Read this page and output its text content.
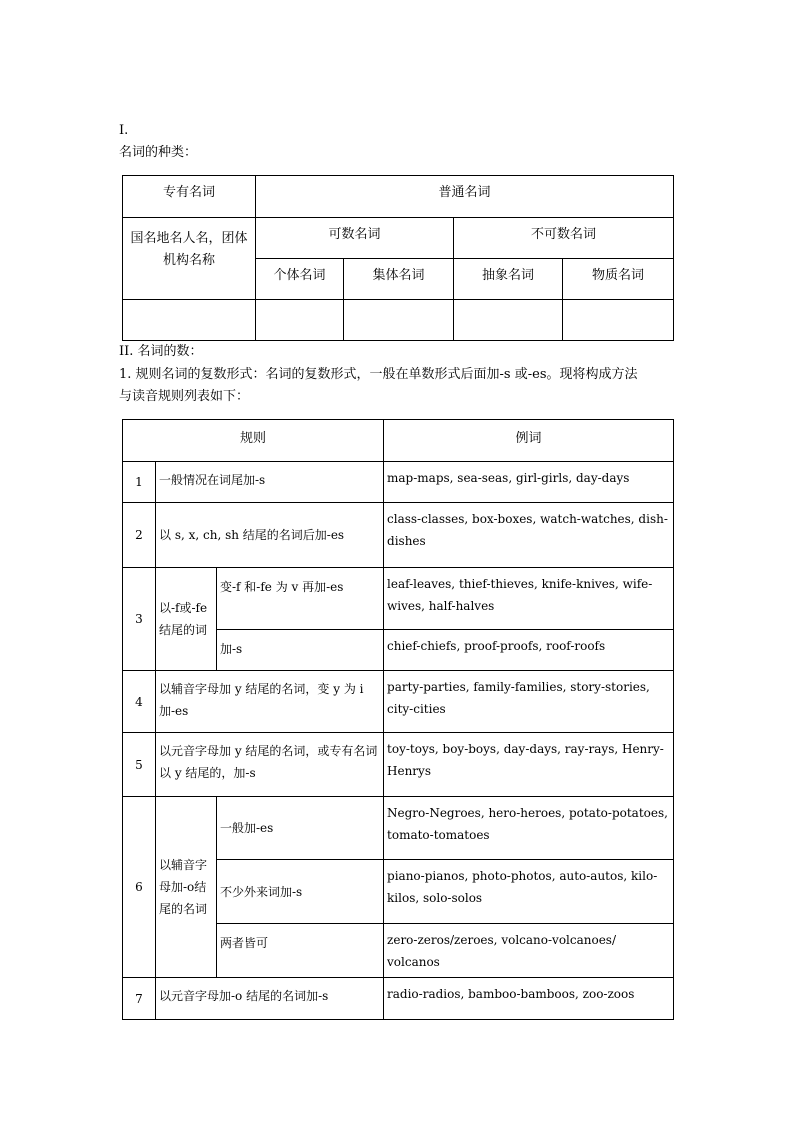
I.
名词的种类：
专有名词	普通名词			
国名地名人名，团体机构名称	可数名词		不可数名词	
	个体名词	集体名词	抽象名词	物质名词

II. 名词的数：
1. 规则名词的复数形式：名词的复数形式，一般在单数形式后面加-s 或-es。现将构成方法
与读音规则列表如下：
规则			例词
1	一般情况在词尾加-s		map-maps, sea-seas, girl-girls, day-days
2	以 s, x, ch, sh 结尾的名词后加-es		class-classes, box-boxes, watch-watches, dish-dishes
3	以-f或-fe结尾的词	变-f 和-fe 为 v 再加-es	leaf-leaves, thief-thieves, knife-knives, wife-wives, half-halves
		加-s	chief-chiefs, proof-proofs, roof-roofs
4	以辅音字母加 y 结尾的名词，变 y 为 i 加-es		party-parties, family-families, story-stories, city-cities
5	以元音字母加 y 结尾的名词，或专有名词以 y 结尾的，加-s		toy-toys, boy-boys, day-days, ray-rays, Henry-Henrys
6	以辅音字母加-o结尾的名词	一般加-es	Negro-Negroes, hero-heroes, potato-potatoes, tomato-tomatoes
		不少外来词加-s	piano-pianos, photo-photos, auto-autos, kilo-kilos, solo-solos
		两者皆可	zero-zeros/zeroes, volcano-volcanoes/ volcanos
7	以元音字母加-o 结尾的名词加-s		radio-radios, bamboo-bamboos, zoo-zoos
